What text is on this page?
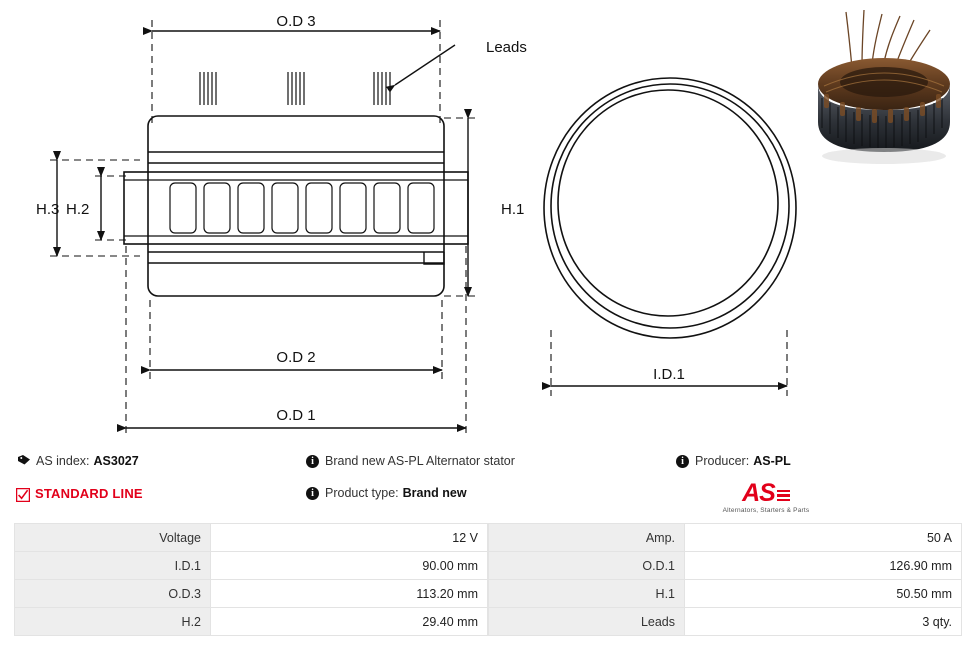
O.D 3
Leads
H.1
H.3 H.2
O.D 2
O.D 1
I.D.1
AS index: AS3027
STANDARD LINE
i Brand new AS-PL Alternator stator
i Product type: Brand new
i Producer: AS-PL
AS
Alternators, Starters & Parts
Voltage	12 V
I.D.1	90.00 mm
O.D.3	113.20 mm
H.2	29.40 mm
Amp.	50 A
O.D.1	126.90 mm
H.1	50.50 mm
Leads	3 qty.
